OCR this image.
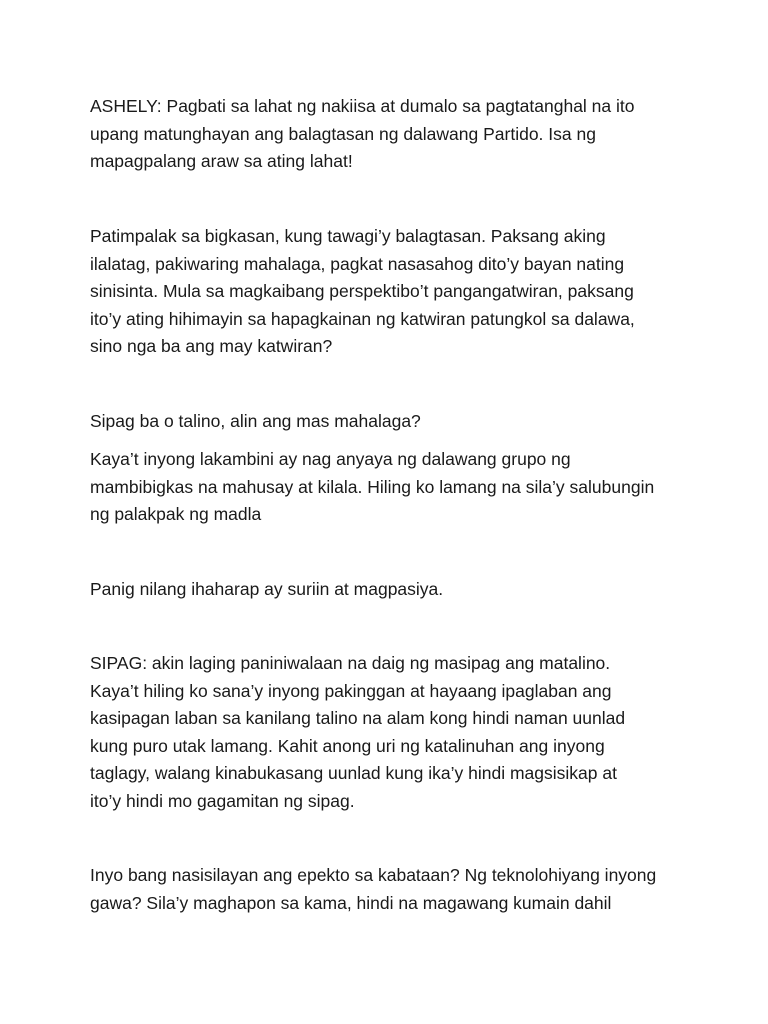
ASHELY: Pagbati sa lahat ng nakiisa at dumalo sa pagtatanghal na ito
upang matunghayan ang balagtasan ng dalawang Partido. Isa ng
mapagpalang araw sa ating lahat!
Patimpalak sa bigkasan, kung tawagi’y balagtasan. Paksang aking
ilalatag, pakiwaring mahalaga, pagkat nasasahog dito’y bayan nating
sinisinta. Mula sa magkaibang perspektibo’t pangangatwiran, paksang
ito’y ating hihimayin sa hapagkainan ng katwiran patungkol sa dalawa,
sino nga ba ang may katwiran?
Sipag ba o talino, alin ang mas mahalaga?
Kaya’t inyong lakambini ay nag anyaya ng dalawang grupo ng
mambibigkas na mahusay at kilala. Hiling ko lamang na sila’y salubungin
ng palakpak ng madla
Panig nilang ihaharap ay suriin at magpasiya.
SIPAG: akin laging paniniwalaan na daig ng masipag ang matalino.
Kaya’t hiling ko sana’y inyong pakinggan at hayaang ipaglaban ang
kasipagan laban sa kanilang talino na alam kong hindi naman uunlad
kung puro utak lamang. Kahit anong uri ng katalinuhan ang inyong
taglagy, walang kinabukasang uunlad kung ika’y hindi magsisikap at
ito’y hindi mo gagamitan ng sipag.
Inyo bang nasisilayan ang epekto sa kabataan? Ng teknolohiyang inyong
gawa? Sila’y maghapon sa kama, hindi na magawang kumain dahil
